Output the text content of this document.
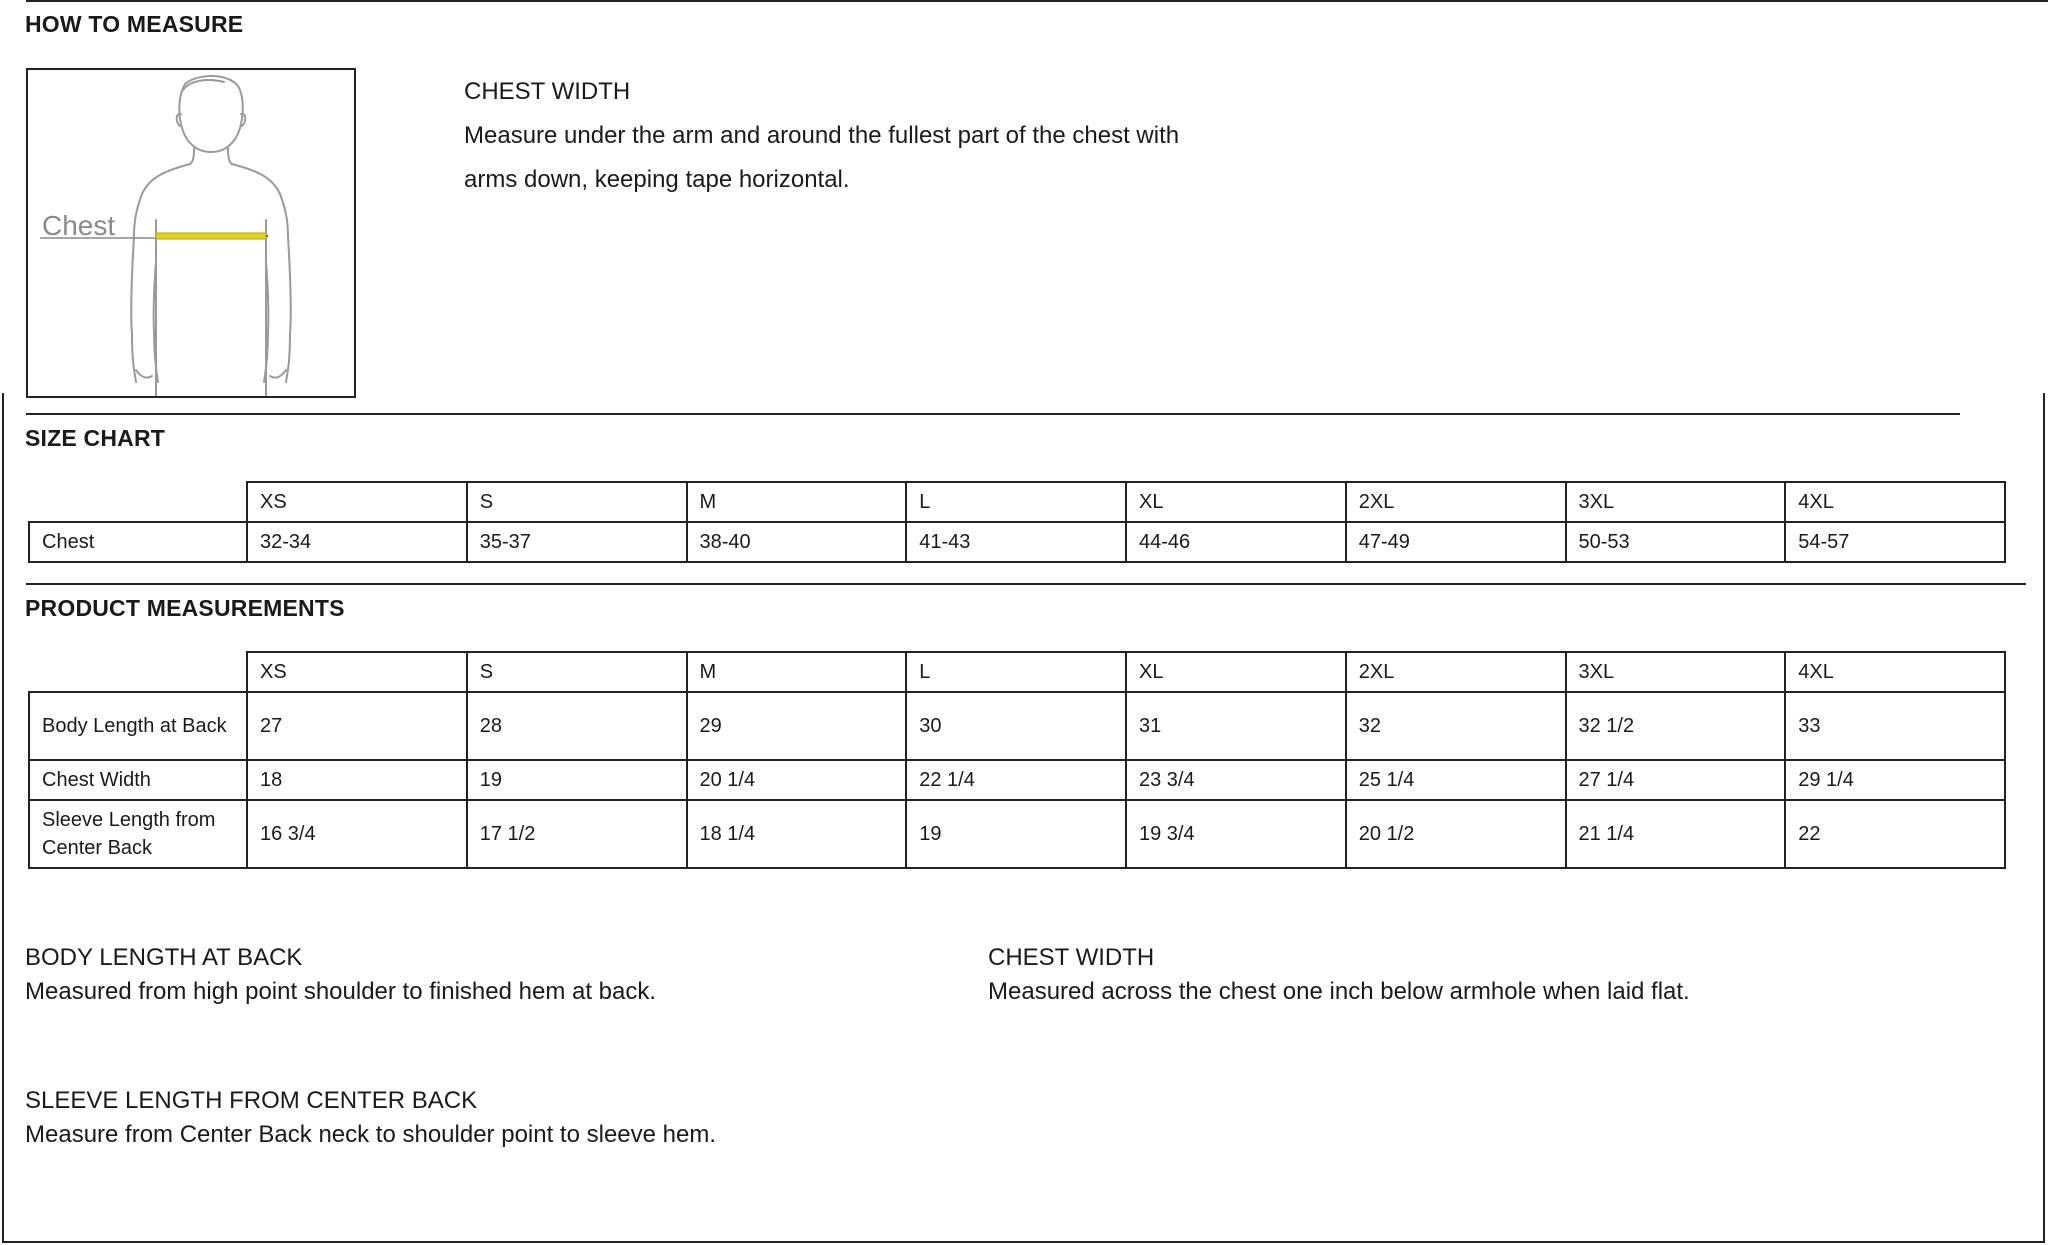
HOW TO MEASURE
Chest
CHEST WIDTH
Measure under the arm and around the fullest part of the chest with arms down, keeping tape horizontal.
SIZE CHART
	XS	S	M	L	XL	2XL	3XL	4XL
Chest	32-34	35-37	38-40	41-43	44-46	47-49	50-53	54-57
PRODUCT MEASUREMENTS
	XS	S	M	L	XL	2XL	3XL	4XL
Body Length at Back	27	28	29	30	31	32	32 1/2	33
Chest Width	18	19	20 1/4	22 1/4	23 3/4	25 1/4	27 1/4	29 1/4
Sleeve Length from Center Back	16 3/4	17 1/2	18 1/4	19	19 3/4	20 1/2	21 1/4	22
BODY LENGTH AT BACK
Measured from high point shoulder to finished hem at back.
CHEST WIDTH
Measured across the chest one inch below armhole when laid flat.
SLEEVE LENGTH FROM CENTER BACK
Measure from Center Back neck to shoulder point to sleeve hem.
